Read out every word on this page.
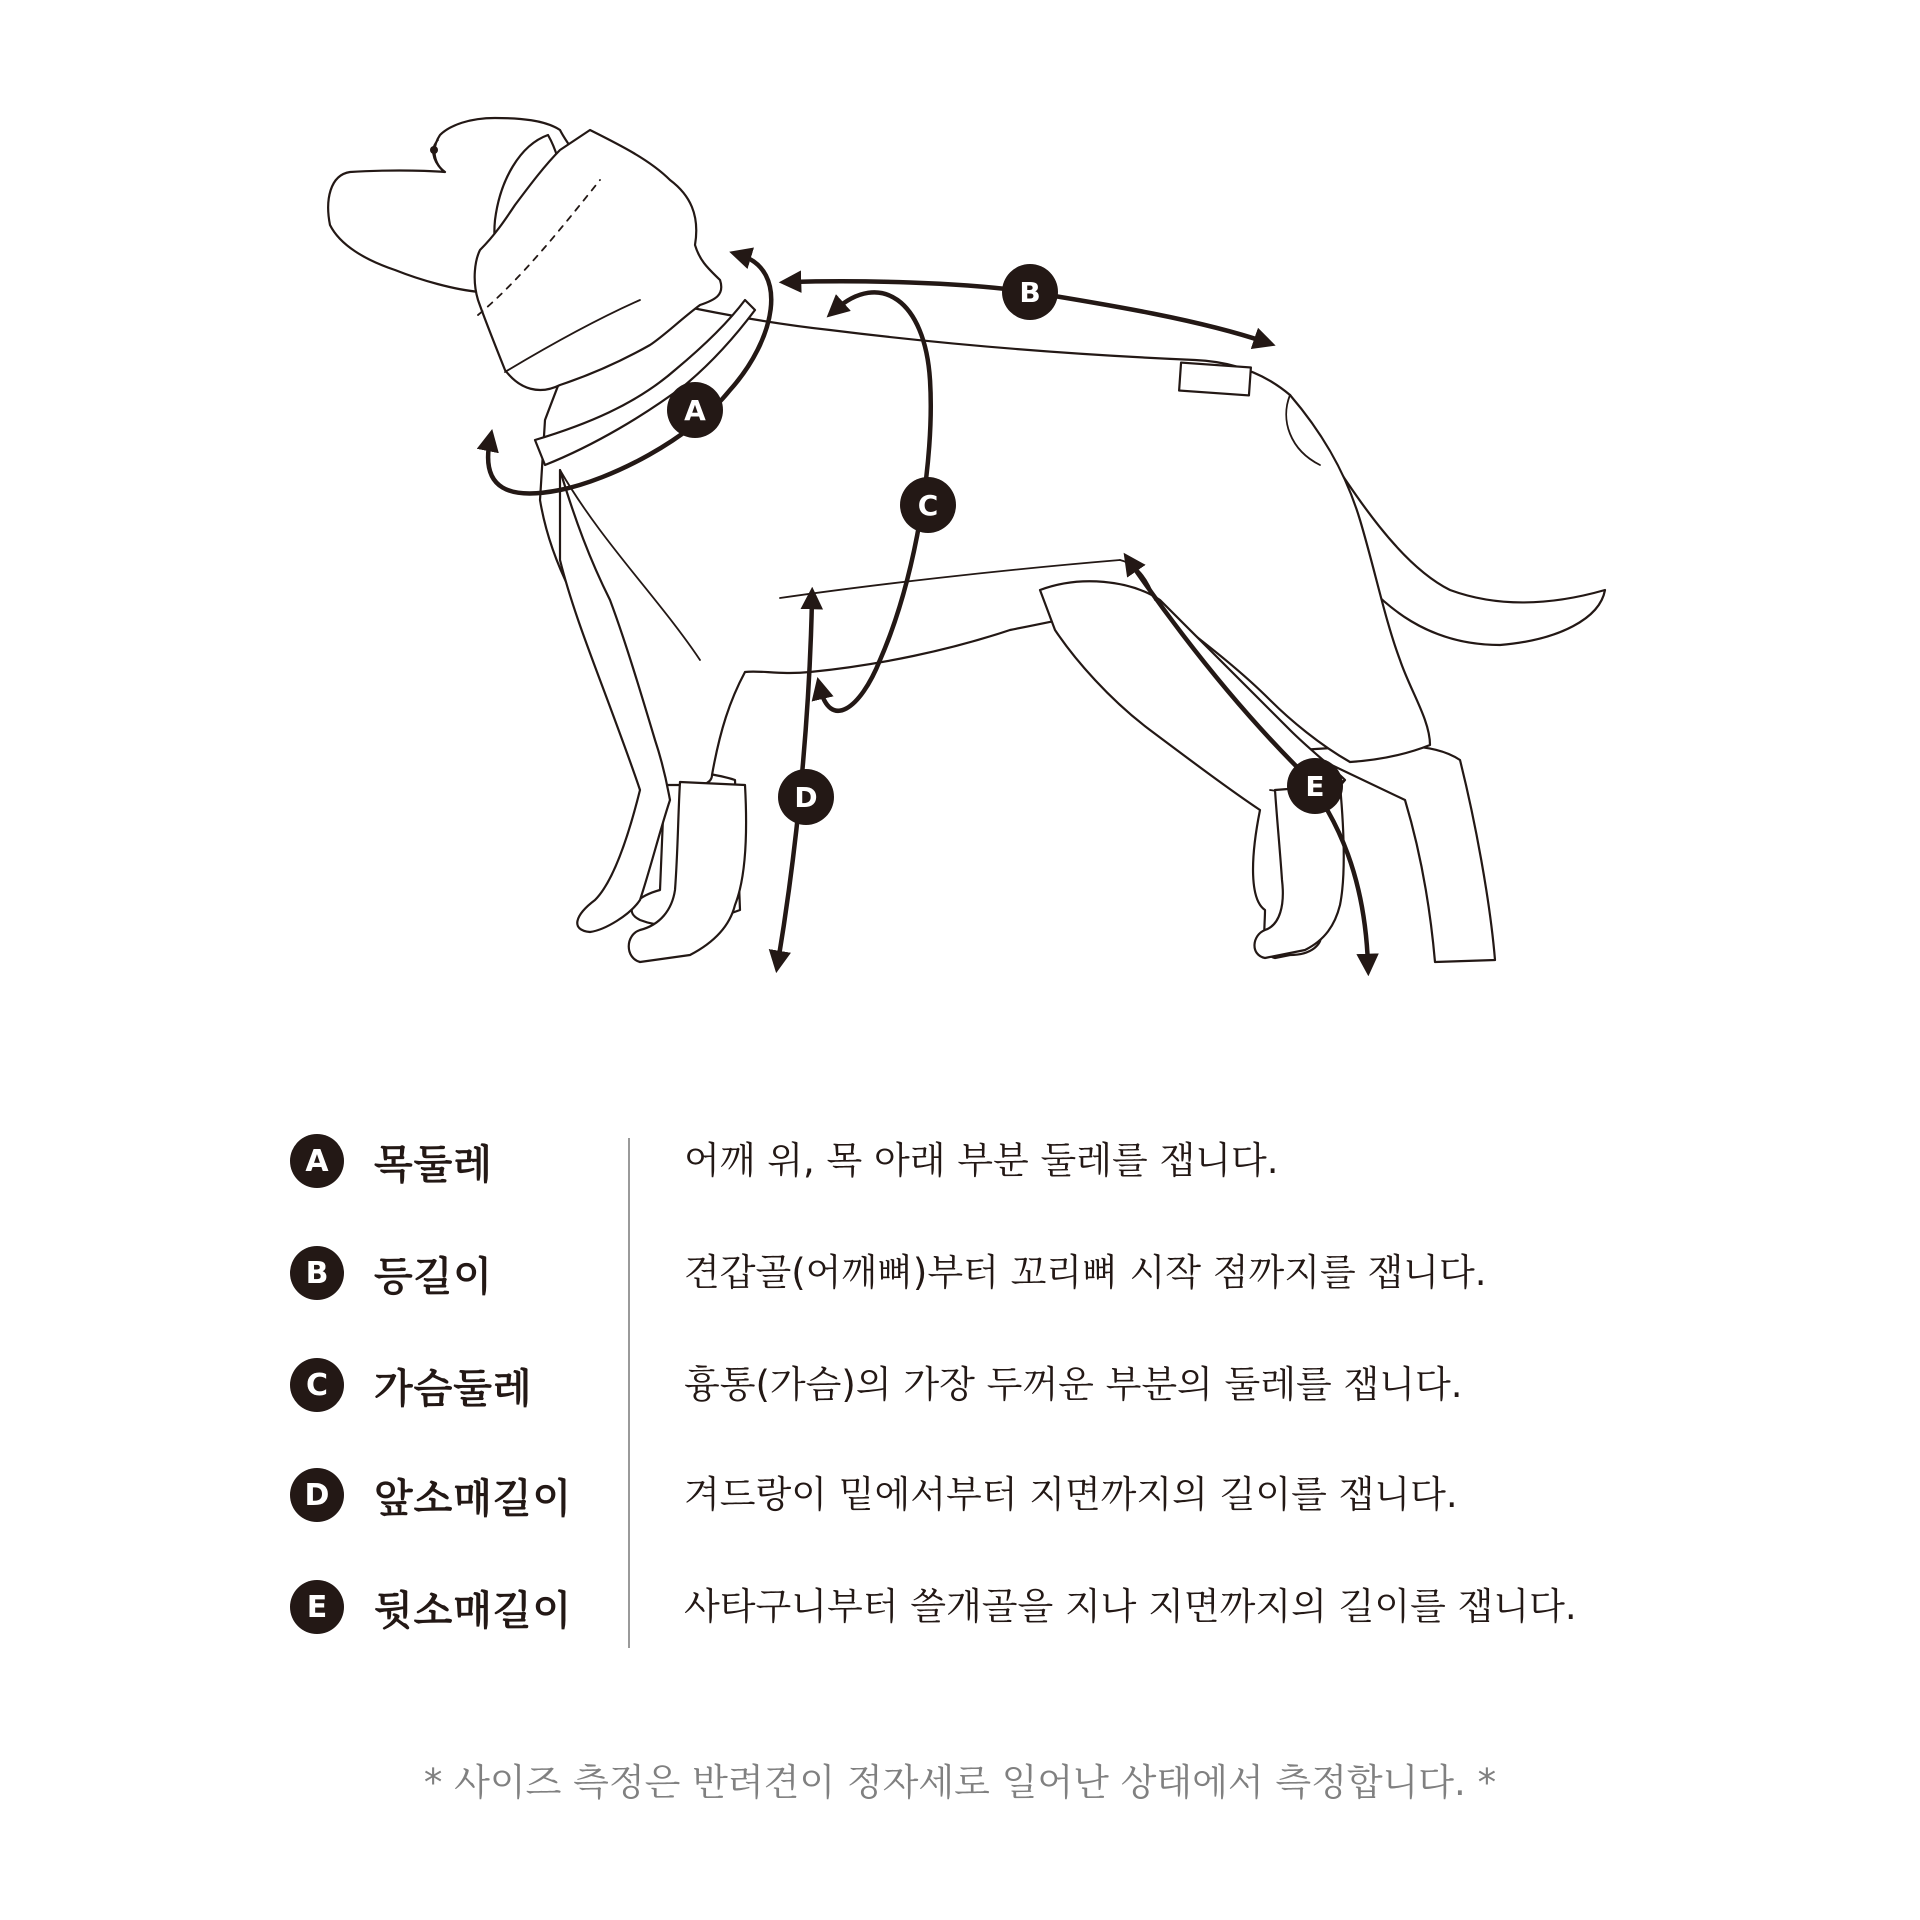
A
B
C
D	E
A	목둘레	어깨 위, 목 아래 부분 둘레를 잽니다.
B	등길이	견갑골(어깨뼈)부터 꼬리뼈 시작 점까지를 잽니다.
C	가슴둘레	흉통(가슴)의 가장 두꺼운 부분의 둘레를 잽니다.
D	앞소매길이	겨드랑이 밑에서부터 지면까지의 길이를 잽니다.
E	뒷소매길이	사타구니부터 쓸개골을 지나 지면까지의 길이를 잽니다.
* 사이즈 측정은 반려견이 정자세로 일어난 상태에서 측정합니다. *
